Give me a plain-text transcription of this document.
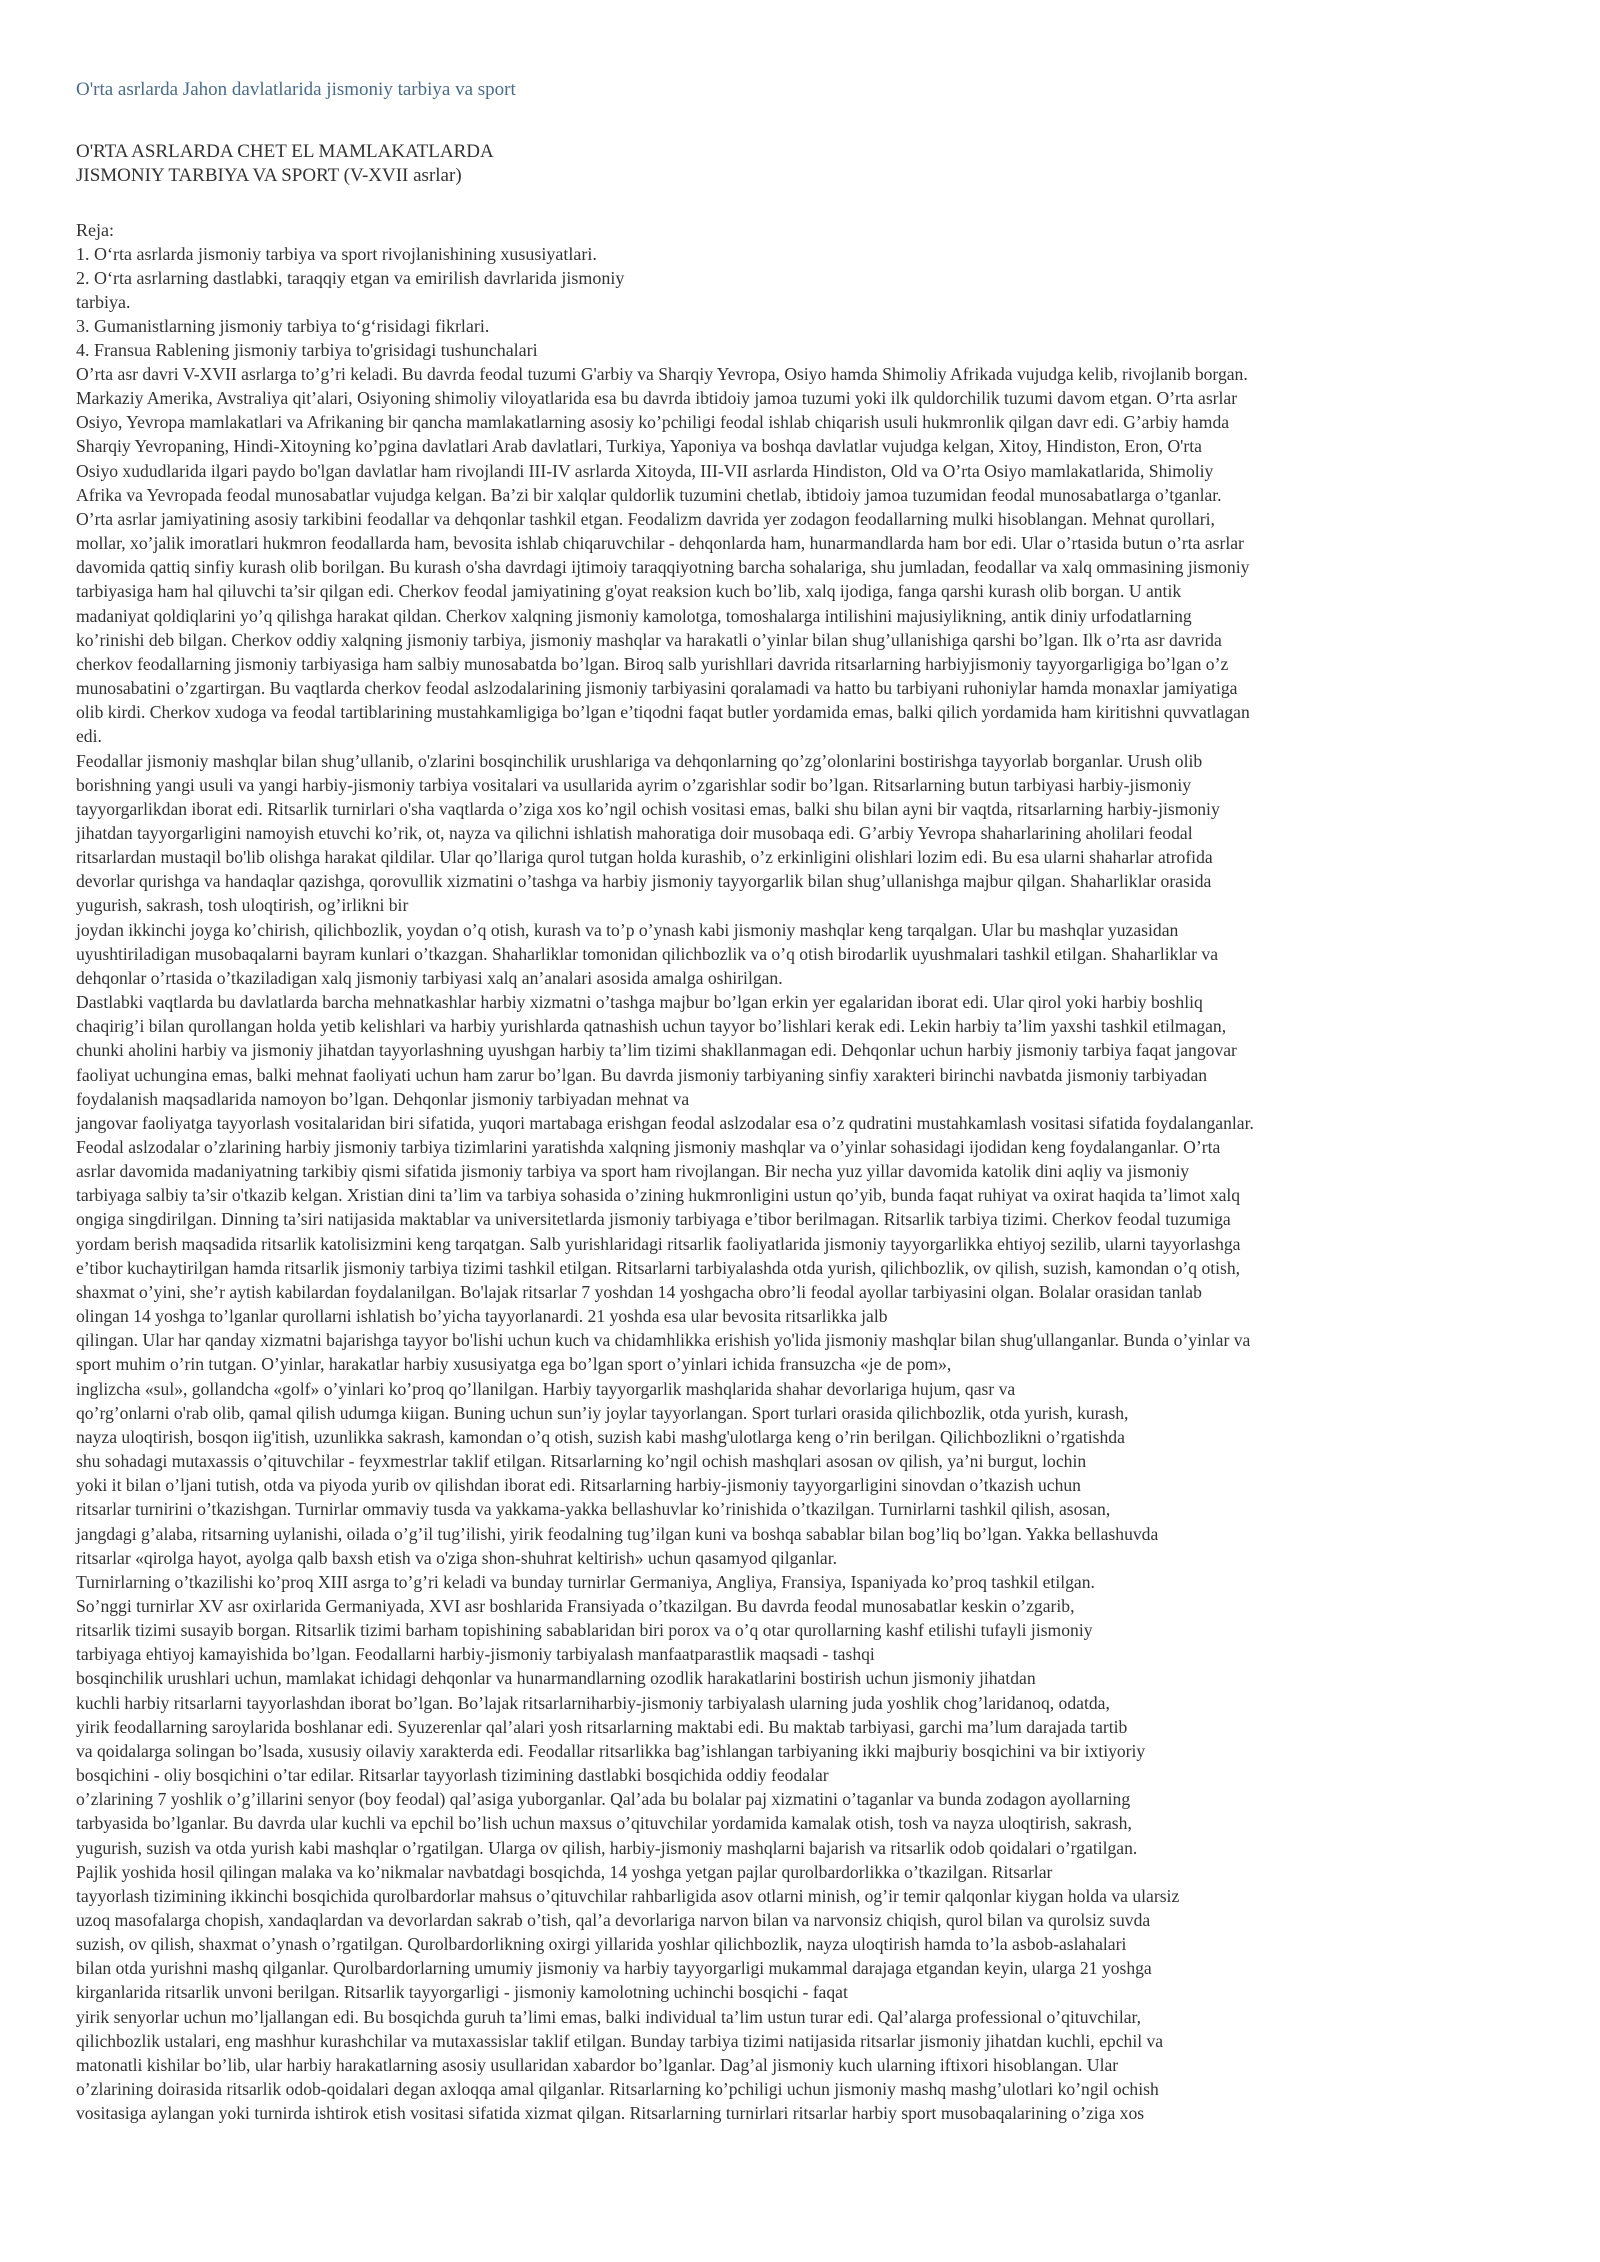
O'rta asrlarda Jahon davlatlarida jismoniy tarbiya va sport
O'RTA ASRLARDA CHET EL MAMLAKATLARDA
JISMONIY TARBIYA VA SPORT (V-XVII asrlar)
Reja:
1. O‘rta asrlarda jismoniy tarbiya va sport rivojlanishining xususiyatlari.
2. O‘rta asrlarning dastlabki, taraqqiy etgan va emirilish davrlarida jismoniy
tarbiya.
3. Gumanistlarning jismoniy tarbiya to‘g‘risidagi fikrlari.
4. Fransua Rablening jismoniy tarbiya to'grisidagi tushunchalari
O’rta asr davri V-XVII asrlarga to’g’ri keladi. Bu davrda feodal tuzumi G'arbiy va Sharqiy Yevropa, Osiyo hamda Shimoliy Afrikada vujudga kelib, rivojlanib borgan.
Markaziy Amerika, Avstraliya qit’alari, Osiyoning shimoliy viloyatlarida esa bu davrda ibtidoiy jamoa tuzumi yoki ilk quldorchilik tuzumi davom etgan. O’rta asrlar
Osiyo, Yevropa mamlakatlari va Afrikaning bir qancha mamlakatlarning asosiy ko’pchiligi feodal ishlab chiqarish usuli hukmronlik qilgan davr edi. G’arbiy hamda
Sharqiy Yevropaning, Hindi-Xitoyning ko’pgina davlatlari Arab davlatlari, Turkiya, Yaponiya va boshqa davlatlar vujudga kelgan, Xitoy, Hindiston, Eron, O'rta
Osiyo xududlarida ilgari paydo bo'lgan davlatlar ham rivojlandi III-IV asrlarda Xitoyda, III-VII asrlarda Hindiston, Old va O’rta Osiyo mamlakatlarida, Shimoliy
Afrika va Yevropada feodal munosabatlar vujudga kelgan. Ba’zi bir xalqlar quldorlik tuzumini chetlab, ibtidoiy jamoa tuzumidan feodal munosabatlarga o’tganlar.
O’rta asrlar jamiyatining asosiy tarkibini feodallar va dehqonlar tashkil etgan. Feodalizm davrida yer zodagon feodallarning mulki hisoblangan. Mehnat qurollari,
mollar, xo’jalik imoratlari hukmron feodallarda ham, bevosita ishlab chiqaruvchilar - dehqonlarda ham, hunarmandlarda ham bor edi. Ular o’rtasida butun o’rta asrlar
davomida qattiq sinfiy kurash olib borilgan. Bu kurash o'sha davrdagi ijtimoiy taraqqiyotning barcha sohalariga, shu jumladan, feodallar va xalq ommasining jismoniy
tarbiyasiga ham hal qiluvchi ta’sir qilgan edi. Cherkov feodal jamiyatining g'oyat reaksion kuch bo’lib, xalq ijodiga, fanga qarshi kurash olib borgan. U antik
madaniyat qoldiqlarini yo’q qilishga harakat qildan. Cherkov xalqning jismoniy kamolotga, tomoshalarga intilishini majusiylikning, antik diniy urfodatlarning
ko’rinishi deb bilgan. Cherkov oddiy xalqning jismoniy tarbiya, jismoniy mashqlar va harakatli o’yinlar bilan shug’ullanishiga qarshi bo’lgan. Ilk o’rta asr davrida
cherkov feodallarning jismoniy tarbiyasiga ham salbiy munosabatda bo’lgan. Biroq salb yurishllari davrida ritsarlarning harbiyjismoniy tayyorgarligiga bo’lgan o’z
munosabatini o’zgartirgan. Bu vaqtlarda cherkov feodal aslzodalarining jismoniy tarbiyasini qoralamadi va hatto bu tarbiyani ruhoniylar hamda monaxlar jamiyatiga
olib kirdi. Cherkov xudoga va feodal tartiblarining mustahkamligiga bo’lgan e’tiqodni faqat butler yordamida emas, balki qilich yordamida ham kiritishni quvvatlagan
edi.
Feodallar jismoniy mashqlar bilan shug’ullanib, o'zlarini bosqinchilik urushlariga va dehqonlarning qo’zg’olonlarini bostirishga tayyorlab borganlar. Urush olib
borishning yangi usuli va yangi harbiy-jismoniy tarbiya vositalari va usullarida ayrim o’zgarishlar sodir bo’lgan. Ritsarlarning butun tarbiyasi harbiy-jismoniy
tayyorgarlikdan iborat edi. Ritsarlik turnirlari o'sha vaqtlarda o’ziga xos ko’ngil ochish vositasi emas, balki shu bilan ayni bir vaqtda, ritsarlarning harbiy-jismoniy
jihatdan tayyorgarligini namoyish etuvchi ko’rik, ot, nayza va qilichni ishlatish mahoratiga doir musobaqa edi. G’arbiy Yevropa shaharlarining aholilari feodal
ritsarlardan mustaqil bo'lib olishga harakat qildilar. Ular qo’llariga qurol tutgan holda kurashib, o’z erkinligini olishlari lozim edi. Bu esa ularni shaharlar atrofida
devorlar qurishga va handaqlar qazishga, qorovullik xizmatini o’tashga va harbiy jismoniy tayyorgarlik bilan shug’ullanishga majbur qilgan. Shaharliklar orasida
yugurish, sakrash, tosh uloqtirish, og’irlikni bir
joydan ikkinchi joyga ko’chirish, qilichbozlik, yoydan o’q otish, kurash va to’p o’ynash kabi jismoniy mashqlar keng tarqalgan. Ular bu mashqlar yuzasidan
uyushtiriladigan musobaqalarni bayram kunlari o’tkazgan. Shaharliklar tomonidan qilichbozlik va o’q otish birodarlik uyushmalari tashkil etilgan. Shaharliklar va
dehqonlar o’rtasida o’tkaziladigan xalq jismoniy tarbiyasi xalq an’analari asosida amalga oshirilgan.
Dastlabki vaqtlarda bu davlatlarda barcha mehnatkashlar harbiy xizmatni o’tashga majbur bo’lgan erkin yer egalaridan iborat edi. Ular qirol yoki harbiy boshliq
chaqirig’i bilan qurollangan holda yetib kelishlari va harbiy yurishlarda qatnashish uchun tayyor bo’lishlari kerak edi. Lekin harbiy ta’lim yaxshi tashkil etilmagan,
chunki aholini harbiy va jismoniy jihatdan tayyorlashning uyushgan harbiy ta’lim tizimi shakllanmagan edi. Dehqonlar uchun harbiy jismoniy tarbiya faqat jangovar
faoliyat uchungina emas, balki mehnat faoliyati uchun ham zarur bo’lgan. Bu davrda jismoniy tarbiyaning sinfiy xarakteri birinchi navbatda jismoniy tarbiyadan
foydalanish maqsadlarida namoyon bo’lgan. Dehqonlar jismoniy tarbiyadan mehnat va
jangovar faoliyatga tayyorlash vositalaridan biri sifatida, yuqori martabaga erishgan feodal aslzodalar esa o’z qudratini mustahkamlash vositasi sifatida foydalanganlar.
Feodal aslzodalar o’zlarining harbiy jismoniy tarbiya tizimlarini yaratishda xalqning jismoniy mashqlar va o’yinlar sohasidagi ijodidan keng foydalanganlar. O’rta
asrlar davomida madaniyatning tarkibiy qismi sifatida jismoniy tarbiya va sport ham rivojlangan. Bir necha yuz yillar davomida katolik dini aqliy va jismoniy
tarbiyaga salbiy ta’sir o'tkazib kelgan. Xristian dini ta’lim va tarbiya sohasida o’zining hukmronligini ustun qo’yib, bunda faqat ruhiyat va oxirat haqida ta’limot xalq
ongiga singdirilgan. Dinning ta’siri natijasida maktablar va universitetlarda jismoniy tarbiyaga e’tibor berilmagan. Ritsarlik tarbiya tizimi. Cherkov feodal tuzumiga
yordam berish maqsadida ritsarlik katolisizmini keng tarqatgan. Salb yurishlaridagi ritsarlik faoliyatlarida jismoniy tayyorgarlikka ehtiyoj sezilib, ularni tayyorlashga
e’tibor kuchaytirilgan hamda ritsarlik jismoniy tarbiya tizimi tashkil etilgan. Ritsarlarni tarbiyalashda otda yurish, qilichbozlik, ov qilish, suzish, kamondan o’q otish,
shaxmat o’yini, she’r aytish kabilardan foydalanilgan. Bo'lajak ritsarlar 7 yoshdan 14 yoshgacha obro’li feodal ayollar tarbiyasini olgan. Bolalar orasidan tanlab
olingan 14 yoshga to’lganlar qurollarni ishlatish bo’yicha tayyorlanardi. 21 yoshda esa ular bevosita ritsarlikka jalb
qilingan. Ular har qanday xizmatni bajarishga tayyor bo'lishi uchun kuch va chidamhlikka erishish yo'lida jismoniy mashqlar bilan shug'ullanganlar. Bunda o’yinlar va
sport muhim o’rin tutgan. O’yinlar, harakatlar harbiy xususiyatga ega bo’lgan sport o’yinlari ichida fransuzcha «je de pom»,
inglizcha «sul», gollandcha «golf» o’yinlari ko’proq qo’llanilgan. Harbiy tayyorgarlik mashqlarida shahar devorlariga hujum, qasr va
qo’rg’onlarni o'rab olib, qamal qilish udumga kiigan. Buning uchun sun’iy joylar tayyorlangan. Sport turlari orasida qilichbozlik, otda yurish, kurash,
nayza uloqtirish, bosqon iig'itish, uzunlikka sakrash, kamondan o’q otish, suzish kabi mashg'ulotlarga keng o’rin berilgan. Qilichbozlikni o’rgatishda
shu sohadagi mutaxassis o’qituvchilar - feyxmestrlar taklif etilgan. Ritsarlarning ko’ngil ochish mashqlari asosan ov qilish, ya’ni burgut, lochin
yoki it bilan o’ljani tutish, otda va piyoda yurib ov qilishdan iborat edi. Ritsarlarning harbiy-jismoniy tayyorgarligini sinovdan o’tkazish uchun
ritsarlar turnirini o’tkazishgan. Turnirlar ommaviy tusda va yakkama-yakka bellashuvlar ko’rinishida o’tkazilgan. Turnirlarni tashkil qilish, asosan,
jangdagi g’alaba, ritsarning uylanishi, oilada o’g’il tug’ilishi, yirik feodalning tug’ilgan kuni va boshqa sabablar bilan bog’liq bo’lgan. Yakka bellashuvda
ritsarlar «qirolga hayot, ayolga qalb baxsh etish va o'ziga shon-shuhrat keltirish» uchun qasamyod qilganlar.
Turnirlarning o’tkazilishi ko’proq XIII asrga to’g’ri keladi va bunday turnirlar Germaniya, Angliya, Fransiya, Ispaniyada ko’proq tashkil etilgan.
So’nggi turnirlar XV asr oxirlarida Germaniyada, XVI asr boshlarida Fransiyada o’tkazilgan. Bu davrda feodal munosabatlar keskin o’zgarib,
ritsarlik tizimi susayib borgan. Ritsarlik tizimi barham topishining sabablaridan biri porox va o’q otar qurollarning kashf etilishi tufayli jismoniy
tarbiyaga ehtiyoj kamayishida bo’lgan. Feodallarni harbiy-jismoniy tarbiyalash manfaatparastlik maqsadi - tashqi
bosqinchilik urushlari uchun, mamlakat ichidagi dehqonlar va hunarmandlarning ozodlik harakatlarini bostirish uchun jismoniy jihatdan
kuchli harbiy ritsarlarni tayyorlashdan iborat bo’lgan. Bo’lajak ritsarlarniharbiy-jismoniy tarbiyalash ularning juda yoshlik chog’laridanoq, odatda,
yirik feodallarning saroylarida boshlanar edi. Syuzerenlar qal’alari yosh ritsarlarning maktabi edi. Bu maktab tarbiyasi, garchi ma’lum darajada tartib
va qoidalarga solingan bo’lsada, xususiy oilaviy xarakterda edi. Feodallar ritsarlikka bag’ishlangan tarbiyaning ikki majburiy bosqichini va bir ixtiyoriy
bosqichini - oliy bosqichini o’tar edilar. Ritsarlar tayyorlash tizimining dastlabki bosqichida oddiy feodalar
o’zlarining 7 yoshlik o’g’illarini senyor (boy feodal) qal’asiga yuborganlar. Qal’ada bu bolalar paj xizmatini o’taganlar va bunda zodagon ayollarning
tarbyasida bo’lganlar. Bu davrda ular kuchli va epchil bo’lish uchun maxsus o’qituvchilar yordamida kamalak otish, tosh va nayza uloqtirish, sakrash,
yugurish, suzish va otda yurish kabi mashqlar o’rgatilgan. Ularga ov qilish, harbiy-jismoniy mashqlarni bajarish va ritsarlik odob qoidalari o’rgatilgan.
Pajlik yoshida hosil qilingan malaka va ko’nikmalar navbatdagi bosqichda, 14 yoshga yetgan pajlar qurolbardorlikka o’tkazilgan. Ritsarlar
tayyorlash tizimining ikkinchi bosqichida qurolbardorlar mahsus o’qituvchilar rahbarligida asov otlarni minish, og’ir temir qalqonlar kiygan holda va ularsiz
uzoq masofalarga chopish, xandaqlardan va devorlardan sakrab o’tish, qal’a devorlariga narvon bilan va narvonsiz chiqish, qurol bilan va qurolsiz suvda
suzish, ov qilish, shaxmat o’ynash o’rgatilgan. Qurolbardorlikning oxirgi yillarida yoshlar qilichbozlik, nayza uloqtirish hamda to’la asbob-aslahalari
bilan otda yurishni mashq qilganlar. Qurolbardorlarning umumiy jismoniy va harbiy tayyorgarligi mukammal darajaga etgandan keyin, ularga 21 yoshga
kirganlarida ritsarlik unvoni berilgan. Ritsarlik tayyorgarligi - jismoniy kamolotning uchinchi bosqichi - faqat
yirik senyorlar uchun mo’ljallangan edi. Bu bosqichda guruh ta’limi emas, balki individual ta’lim ustun turar edi. Qal’alarga professional o’qituvchilar,
qilichbozlik ustalari, eng mashhur kurashchilar va mutaxassislar taklif etilgan. Bunday tarbiya tizimi natijasida ritsarlar jismoniy jihatdan kuchli, epchil va
matonatli kishilar bo’lib, ular harbiy harakatlarning asosiy usullaridan xabardor bo’lganlar. Dag’al jismoniy kuch ularning iftixori hisoblangan. Ular
o’zlarining doirasida ritsarlik odob-qoidalari degan axloqqa amal qilganlar. Ritsarlarning ko’pchiligi uchun jismoniy mashq mashg’ulotlari ko’ngil ochish
vositasiga aylangan yoki turnirda ishtirok etish vositasi sifatida xizmat qilgan. Ritsarlarning turnirlari ritsarlar harbiy sport musobaqalarining o’ziga xos
